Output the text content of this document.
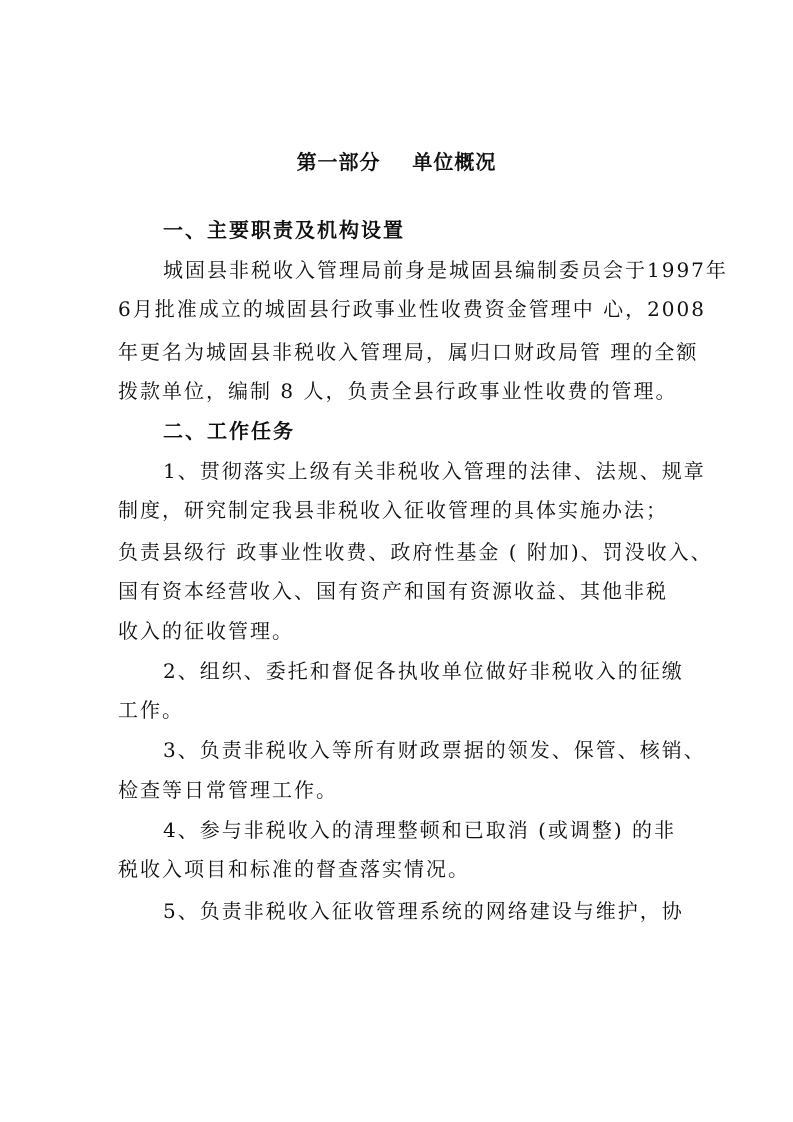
第一部分    单位概况
一、主要职责及机构设置
城固县非税收入管理局前身是城固县编制委员会于1997年
6月批准成立的城固县行政事业性收费资金管理中 心，2008
年更名为城固县非税收入管理局，属归口财政局管 理的全额
拨款单位，编制 8 人，负责全县行政事业性收费的管理。
二、工作任务
1、贯彻落实上级有关非税收入管理的法律、法规、规章
制度，研究制定我县非税收入征收管理的具体实施办法；
负责县级行 政事业性收费、政府性基金 ( 附加)、罚没收入、
国有资本经营收入、国有资产和国有资源收益、其他非税
收入的征收管理。
2、组织、委托和督促各执收单位做好非税收入的征缴
工作。
3、负责非税收入等所有财政票据的领发、保管、核销、
检查等日常管理工作。
4、参与非税收入的清理整顿和已取消 (或调整) 的非
税收入项目和标准的督查落实情况。
5、负责非税收入征收管理系统的网络建设与维护，协
